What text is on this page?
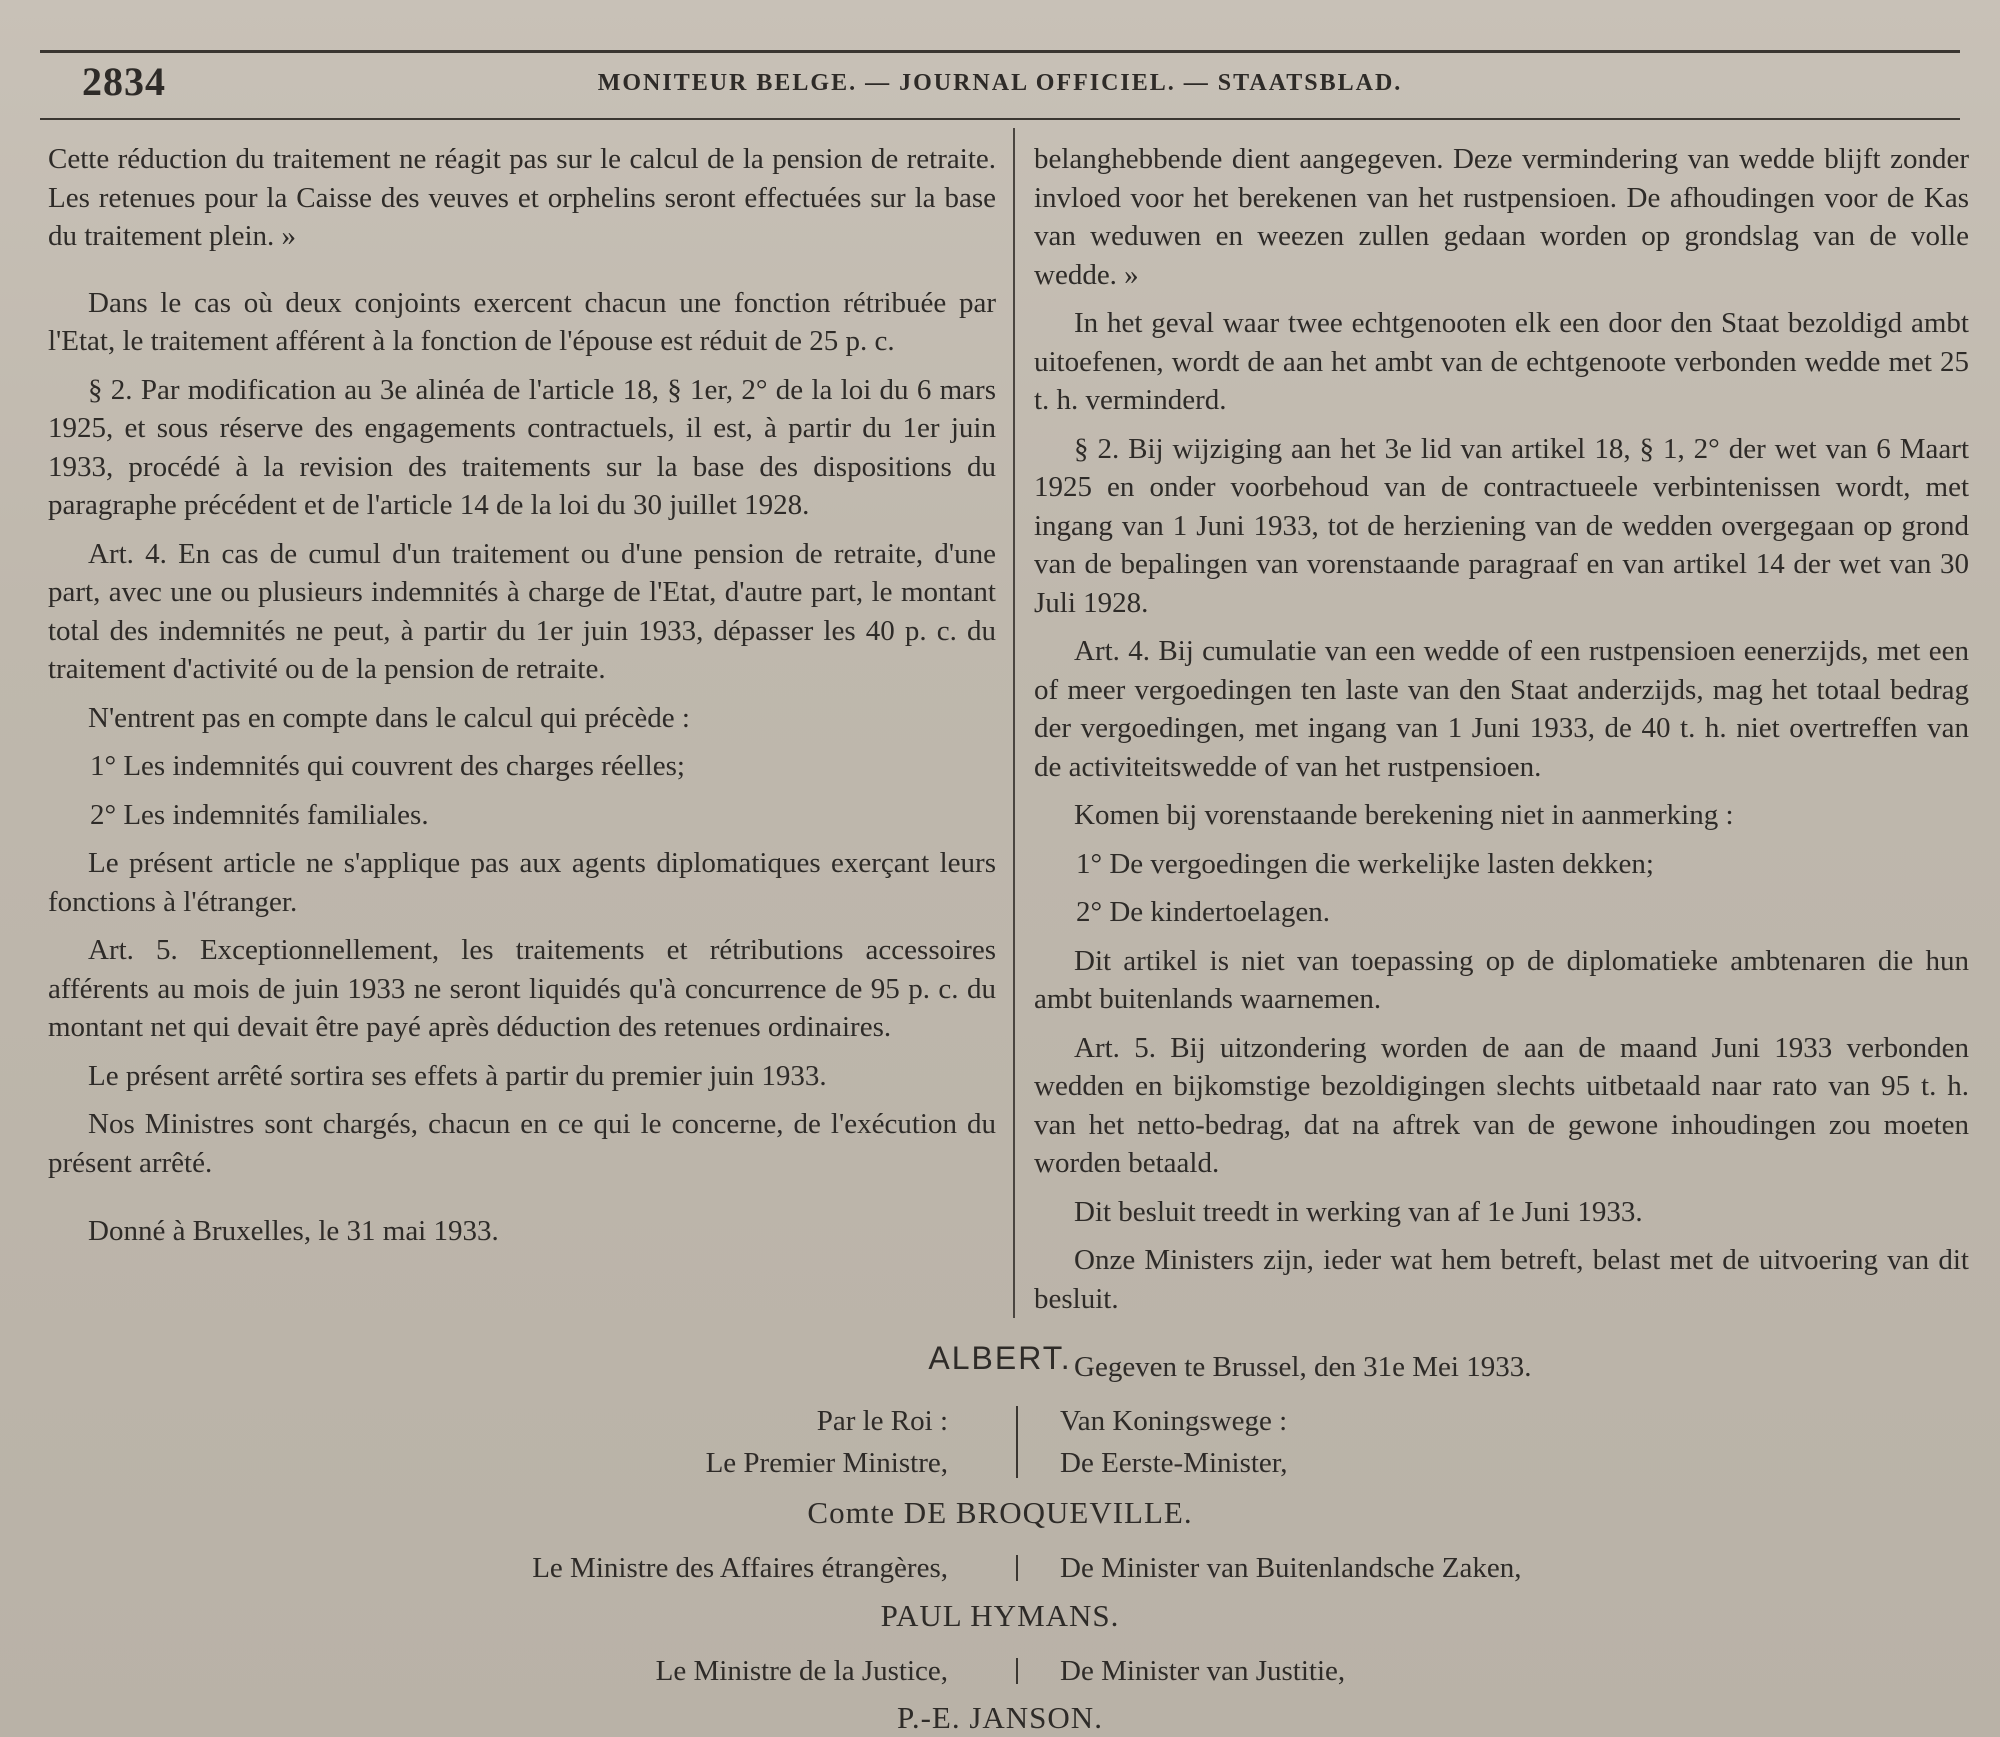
2834	MONITEUR BELGE. — JOURNAL OFFICIEL. — STAATSBLAD.

Cette réduction du traitement ne réagit pas sur le calcul de la pension de retraite. Les retenues pour la Caisse des veuves et orphelins seront effectuées sur la base du traitement plein. »

Dans le cas où deux conjoints exercent chacun une fonction rétribuée par l'Etat, le traitement afférent à la fonction de l'épouse est réduit de 25 p. c.

§ 2. Par modification au 3e alinéa de l'article 18, § 1er, 2° de la loi du 6 mars 1925, et sous réserve des engagements contractuels, il est, à partir du 1er juin 1933, procédé à la revision des traitements sur la base des dispositions du paragraphe précédent et de l'article 14 de la loi du 30 juillet 1928.

Art. 4. En cas de cumul d'un traitement ou d'une pension de retraite, d'une part, avec une ou plusieurs indemnités à charge de l'Etat, d'autre part, le montant total des indemnités ne peut, à partir du 1er juin 1933, dépasser les 40 p. c. du traitement d'activité ou de la pension de retraite.

N'entrent pas en compte dans le calcul qui précède :

1° Les indemnités qui couvrent des charges réelles;

2° Les indemnités familiales.

Le présent article ne s'applique pas aux agents diplomatiques exerçant leurs fonctions à l'étranger.

Art. 5. Exceptionnellement, les traitements et rétributions accessoires afférents au mois de juin 1933 ne seront liquidés qu'à concurrence de 95 p. c. du montant net qui devait être payé après déduction des retenues ordinaires.

Le présent arrêté sortira ses effets à partir du premier juin 1933.

Nos Ministres sont chargés, chacun en ce qui le concerne, de l'exécution du présent arrêté.

Donné à Bruxelles, le 31 mai 1933.

belanghebbende dient aangegeven. Deze vermindering van wedde blijft zonder invloed voor het berekenen van het rustpensioen. De afhoudingen voor de Kas van weduwen en weezen zullen gedaan worden op grondslag van de volle wedde. »

In het geval waar twee echtgenooten elk een door den Staat bezoldigd ambt uitoefenen, wordt de aan het ambt van de echtgenoote verbonden wedde met 25 t. h. verminderd.

§ 2. Bij wijziging aan het 3e lid van artikel 18, § 1, 2° der wet van 6 Maart 1925 en onder voorbehoud van de contractueele verbintenissen wordt, met ingang van 1 Juni 1933, tot de herziening van de wedden overgegaan op grond van de bepalingen van vorenstaande paragraaf en van artikel 14 der wet van 30 Juli 1928.

Art. 4. Bij cumulatie van een wedde of een rustpensioen eenerzijds, met een of meer vergoedingen ten laste van den Staat anderzijds, mag het totaal bedrag der vergoedingen, met ingang van 1 Juni 1933, de 40 t. h. niet overtreffen van de activiteitswedde of van het rustpensioen.

Komen bij vorenstaande berekening niet in aanmerking :

1° De vergoedingen die werkelijke lasten dekken;

2° De kindertoelagen.

Dit artikel is niet van toepassing op de diplomatieke ambtenaren die hun ambt buitenlands waarnemen.

Art. 5. Bij uitzondering worden de aan de maand Juni 1933 verbonden wedden en bijkomstige bezoldigingen slechts uitbetaald naar rato van 95 t. h. van het netto-bedrag, dat na aftrek van de gewone inhoudingen zou moeten worden betaald.

Dit besluit treedt in werking van af 1e Juni 1933.

Onze Ministers zijn, ieder wat hem betreft, belast met de uitvoering van dit besluit.

Gegeven te Brussel, den 31e Mei 1933.

ALBERT.
Par le Roi :
Le Premier Ministre,
Van Koningswege :
De Eerste-Minister,
Comte DE BROQUEVILLE.
Le Ministre des Affaires étrangères,	De Minister van Buitenlandsche Zaken,
PAUL HYMANS.
Le Ministre de la Justice,	De Minister van Justitie,
P.-E. JANSON.
